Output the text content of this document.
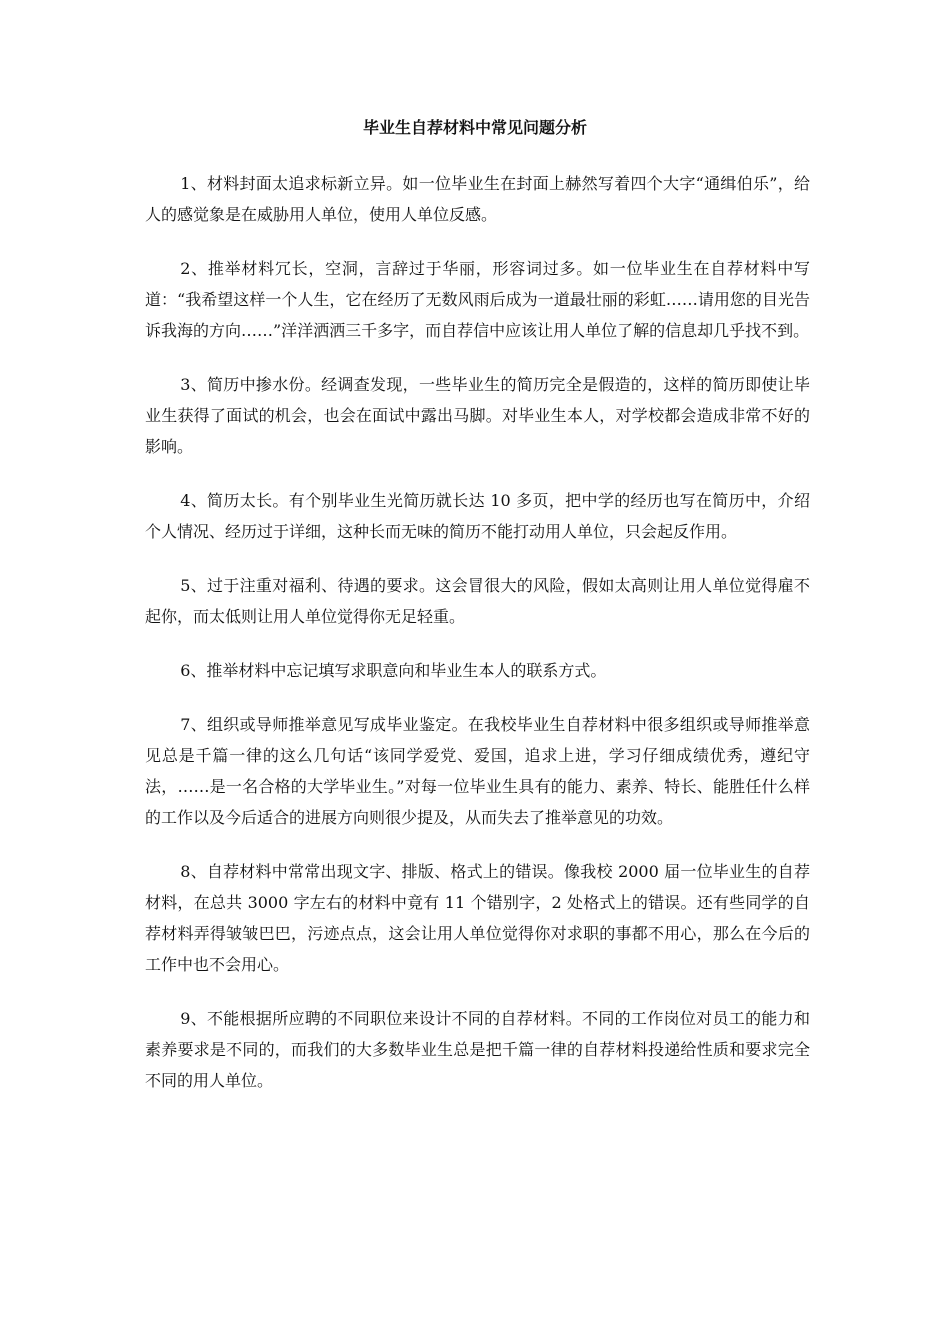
毕业生自荐材料中常见问题分析

1、材料封面太追求标新立异。如一位毕业生在封面上赫然写着四个大字“通缉伯乐”，给人的感觉象是在威胁用人单位，使用人单位反感。

2、推举材料冗长，空洞，言辞过于华丽，形容词过多。如一位毕业生在自荐材料中写道：“我希望这样一个人生，它在经历了无数风雨后成为一道最壮丽的彩虹……请用您的目光告诉我海的方向……”洋洋洒洒三千多字，而自荐信中应该让用人单位了解的信息却几乎找不到。

3、简历中掺水份。经调查发现，一些毕业生的简历完全是假造的，这样的简历即使让毕业生获得了面试的机会，也会在面试中露出马脚。对毕业生本人，对学校都会造成非常不好的影响。

4、简历太长。有个别毕业生光简历就长达 10 多页，把中学的经历也写在简历中，介绍个人情况、经历过于详细，这种长而无味的简历不能打动用人单位，只会起反作用。

5、过于注重对福利、待遇的要求。这会冒很大的风险，假如太高则让用人单位觉得雇不起你，而太低则让用人单位觉得你无足轻重。

6、推举材料中忘记填写求职意向和毕业生本人的联系方式。

7、组织或导师推举意见写成毕业鉴定。在我校毕业生自荐材料中很多组织或导师推举意见总是千篇一律的这么几句话“该同学爱党、爱国，追求上进，学习仔细成绩优秀，遵纪守法，……是一名合格的大学毕业生。”对每一位毕业生具有的能力、素养、特长、能胜任什么样的工作以及今后适合的进展方向则很少提及，从而失去了推举意见的功效。

8、自荐材料中常常出现文字、排版、格式上的错误。像我校 2000 届一位毕业生的自荐材料，在总共 3000 字左右的材料中竟有 11 个错别字，2 处格式上的错误。还有些同学的自荐材料弄得皱皱巴巴，污迹点点，这会让用人单位觉得你对求职的事都不用心，那么在今后的工作中也不会用心。

9、不能根据所应聘的不同职位来设计不同的自荐材料。不同的工作岗位对员工的能力和素养要求是不同的，而我们的大多数毕业生总是把千篇一律的自荐材料投递给性质和要求完全不同的用人单位。
